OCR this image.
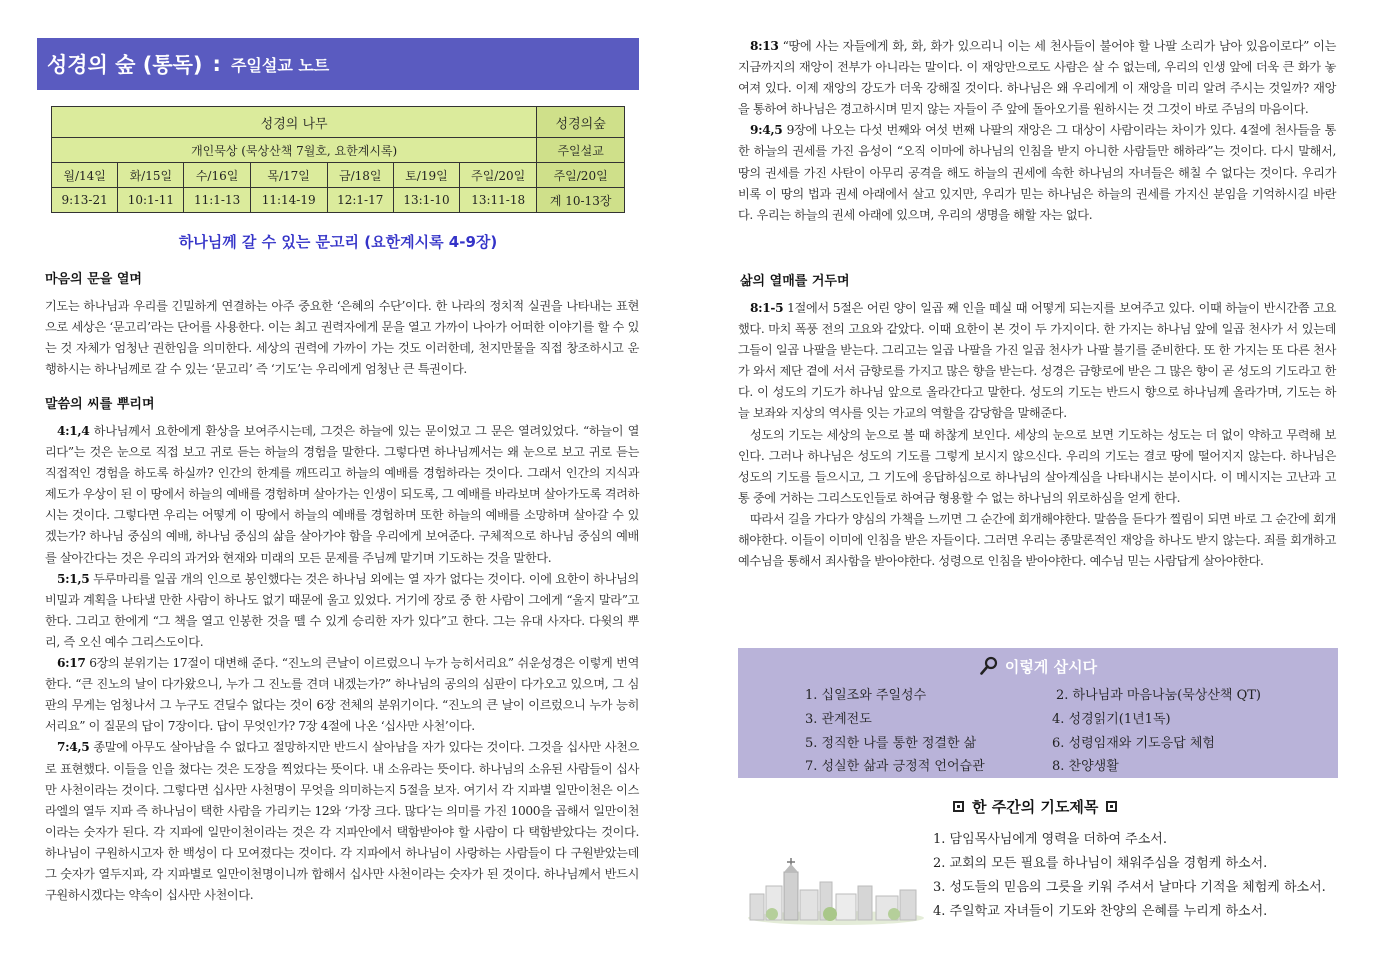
성경의 숲 (통독) : 주일설교 노트
성경의 나무							성경의숲
개인묵상 (묵상산책 7월호, 요한계시록)							주일설교
월/14일	화/15일	수/16일	목/17일	금/18일	토/19일	주일/20일	주일/20일
9:13-21	10:1-11	11:1-13	11:14-19	12:1-17	13:1-10	13:11-18	계 10-13장
하나님께 갈 수 있는 문고리 (요한계시록 4-9장)
마음의 문을 열며

기도는 하나님과 우리를 긴밀하게 연결하는 아주 중요한 ‘은혜의 수단’이다. 한 나라의 정치적 실권을 나타내는 표현으로 세상은 ‘문고리’라는 단어를 사용한다. 이는 최고 권력자에게 문을 열고 가까이 나아가 어떠한 이야기를 할 수 있는 것 자체가 엄청난 권한임을 의미한다. 세상의 권력에 가까이 가는 것도 이러한데, 천지만물을 직접 창조하시고 운행하시는 하나님께로 갈 수 있는 ‘문고리’ 즉 ‘기도’는 우리에게 엄청난 큰 특권이다.

말씀의 씨를 뿌리며

4:1,4 하나님께서 요한에게 환상을 보여주시는데, 그것은 하늘에 있는 문이었고 그 문은 열려있었다. “하늘이 열리다”는 것은 눈으로 직접 보고 귀로 듣는 하늘의 경험을 말한다. 그렇다면 하나님께서는 왜 눈으로 보고 귀로 듣는 직접적인 경험을 하도록 하실까? 인간의 한계를 깨뜨리고 하늘의 예배를 경험하라는 것이다. 그래서 인간의 지식과 제도가 우상이 된 이 땅에서 하늘의 예배를 경험하며 살아가는 인생이 되도록, 그 예배를 바라보며 살아가도록 격려하시는 것이다. 그렇다면 우리는 어떻게 이 땅에서 하늘의 예배를 경험하며 또한 하늘의 예배를 소망하며 살아갈 수 있겠는가? 하나님 중심의 예배, 하나님 중심의 삶을 살아가야 함을 우리에게 보여준다. 구체적으로 하나님 중심의 예배를 살아간다는 것은 우리의 과거와 현재와 미래의 모든 문제를 주님께 맡기며 기도하는 것을 말한다.

5:1,5 두루마리를 일곱 개의 인으로 봉인했다는 것은 하나님 외에는 열 자가 없다는 것이다. 이에 요한이 하나님의 비밀과 계획을 나타낼 만한 사람이 하나도 없기 때문에 울고 있었다. 거기에 장로 중 한 사람이 그에게 “울지 말라”고 한다. 그리고 한에게 “그 책을 열고 인봉한 것을 뗄 수 있게 승리한 자가 있다”고 한다. 그는 유대 사자다. 다윗의 뿌리, 즉 오신 예수 그리스도이다.

6:17 6장의 분위기는 17절이 대변해 준다. “진노의 큰날이 이르렀으니 누가 능히서리요” 쉬운성경은 이렇게 번역한다. “큰 진노의 날이 다가왔으니, 누가 그 진노를 견뎌 내겠는가?” 하나님의 공의의 심판이 다가오고 있으며, 그 심판의 무게는 엄청나서 그 누구도 견딜수 없다는 것이 6장 전체의 분위기이다. “진노의 큰 날이 이르렀으니 누가 능히 서리요” 이 질문의 답이 7장이다. 답이 무엇인가? 7장 4절에 나온 ‘십사만 사천’이다.

7:4,5 종말에 아무도 살아남을 수 없다고 절망하지만 반드시 살아남을 자가 있다는 것이다. 그것을 십사만 사천으로 표현했다. 이들을 인을 쳤다는 것은 도장을 찍었다는 뜻이다. 내 소유라는 뜻이다. 하나님의 소유된 사람들이 십사만 사천이라는 것이다. 그렇다면 십사만 사천명이 무엇을 의미하는지 5절을 보자. 여기서 각 지파별 일만이천은 이스라엘의 열두 지파 즉 하나님이 택한 사람을 가리키는 12와 ‘가장 크다. 많다’는 의미를 가진 1000을 곱해서 일만이천이라는 숫자가 된다. 각 지파에 일만이천이라는 것은 각 지파안에서 택함받아야 할 사람이 다 택함받았다는 것이다. 하나님이 구원하시고자 한 백성이 다 모여졌다는 것이다. 각 지파에서 하나님이 사랑하는 사람들이 다 구원받았는데 그 숫자가 열두지파, 각 지파별로 일만이천명이니까 합해서 십사만 사천이라는 숫자가 된 것이다. 하나님께서 반드시 구원하시겠다는 약속이 십사만 사천이다.

8:13 “땅에 사는 자들에게 화, 화, 화가 있으리니 이는 세 천사들이 불어야 할 나팔 소리가 남아 있음이로다” 이는 지금까지의 재앙이 전부가 아니라는 말이다. 이 재앙만으로도 사람은 살 수 없는데, 우리의 인생 앞에 더욱 큰 화가 놓여져 있다. 이제 재앙의 강도가 더욱 강해질 것이다. 하나님은 왜 우리에게 이 재앙을 미리 알려 주시는 것일까? 재앙을 통하여 하나님은 경고하시며 믿지 않는 자들이 주 앞에 돌아오기를 원하시는 것 그것이 바로 주님의 마음이다.

9:4,5 9장에 나오는 다섯 번째와 여섯 번째 나팔의 재앙은 그 대상이 사람이라는 차이가 있다. 4절에 천사들을 통한 하늘의 권세를 가진 음성이 “오직 이마에 하나님의 인침을 받지 아니한 사람들만 해하라”는 것이다. 다시 말해서, 땅의 권세를 가진 사탄이 아무리 공격을 해도 하늘의 권세에 속한 하나님의 자녀들은 해칠 수 없다는 것이다. 우리가 비록 이 땅의 법과 권세 아래에서 살고 있지만, 우리가 믿는 하나님은 하늘의 권세를 가지신 분임을 기억하시길 바란다. 우리는 하늘의 권세 아래에 있으며, 우리의 생명을 해할 자는 없다.

삶의 열매를 거두며

8:1-5 1절에서 5절은 어린 양이 일곱 째 인을 떼실 때 어떻게 되는지를 보여주고 있다. 이때 하늘이 반시간쯤 고요했다. 마치 폭풍 전의 고요와 같았다. 이때 요한이 본 것이 두 가지이다. 한 가지는 하나님 앞에 일곱 천사가 서 있는데 그들이 일곱 나팔을 받는다. 그리고는 일곱 나팔을 가진 일곱 천사가 나팔 불기를 준비한다. 또 한 가지는 또 다른 천사가 와서 제단 곁에 서서 금향로를 가지고 많은 향을 받는다. 성경은 금향로에 받은 그 많은 향이 곧 성도의 기도라고 한다. 이 성도의 기도가 하나님 앞으로 올라간다고 말한다. 성도의 기도는 반드시 향으로 하나님께 올라가며, 기도는 하늘 보좌와 지상의 역사를 잇는 가교의 역할을 감당함을 말해준다.

성도의 기도는 세상의 눈으로 볼 때 하찮게 보인다. 세상의 눈으로 보면 기도하는 성도는 더 없이 약하고 무력해 보인다. 그러나 하나님은 성도의 기도를 그렇게 보시지 않으신다. 우리의 기도는 결코 땅에 떨어지지 않는다. 하나님은 성도의 기도를 들으시고, 그 기도에 응답하심으로 하나님의 살아계심을 나타내시는 분이시다. 이 메시지는 고난과 고통 중에 거하는 그리스도인들로 하여금 형용할 수 없는 하나님의 위로하심을 얻게 한다.

따라서 길을 가다가 양심의 가책을 느끼면 그 순간에 회개해야한다. 말씀을 듣다가 찔림이 되면 바로 그 순간에 회개해야한다. 이들이 이미에 인침을 받은 자들이다. 그러면 우리는 종말론적인 재앙을 하나도 받지 않는다. 죄를 회개하고 예수님을 통해서 죄사함을 받아야한다. 성령으로 인침을 받아야한다. 예수님 믿는 사람답게 살아야한다.

이렇게 삽시다
1. 십일조와 주일성수	2. 하나님과 마음나눔(묵상산책 QT)
3. 관계전도	4. 성경읽기(1년1독)
5. 정직한 나를 통한 정결한 삶	6. 성령임재와 기도응답 체험
7. 성실한 삶과 긍정적 언어습관	8. 찬양생활
한 주간의 기도제목
1. 담임목사님에게 영력을 더하여 주소서.
2. 교회의 모든 필요를 하나님이 채워주심을 경험케 하소서.
3. 성도들의 믿음의 그릇을 키워 주셔서 날마다 기적을 체험케 하소서.
4. 주일학교 자녀들이 기도와 찬양의 은혜를 누리게 하소서.
